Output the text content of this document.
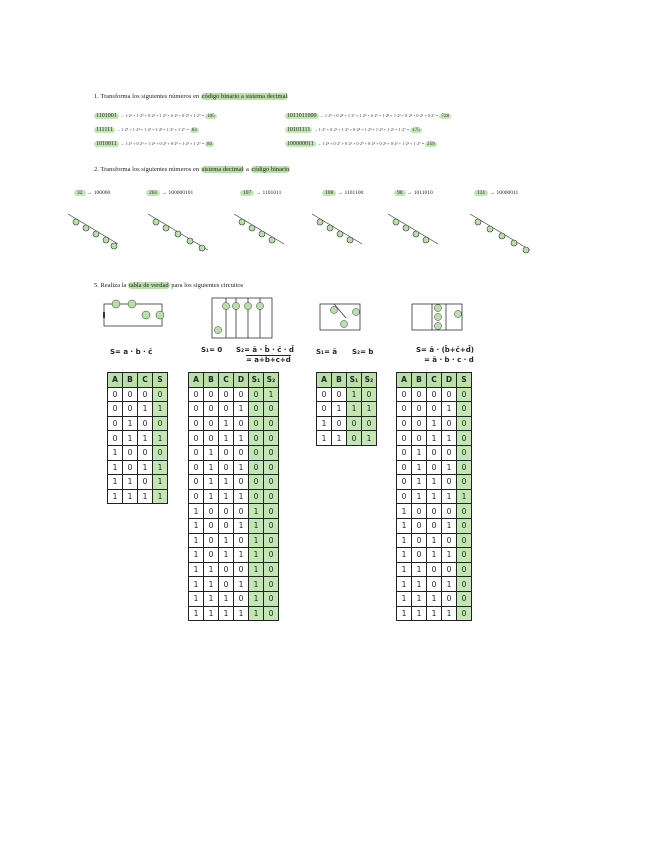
1. Transforma los siguientes números en código binario a sistema decimal
1101001 → 1·2⁶ + 1·2⁵ + 0·2⁴ + 1·2³ + 0·2² + 0·2¹ + 1·2⁰ = 105
111111 → 1·2⁵ + 1·2⁴ + 1·2³ + 1·2² + 1·2¹ + 1·2⁰ = 63
1010011 → 1·2⁶ + 0·2⁵ + 1·2⁴ + 0·2³ + 0·2² + 1·2¹ + 1·2⁰ = 83
1011011000 → 1·2⁹ + 0·2⁸ + 1·2⁷ + 1·2⁶ + 0·2⁵ + 1·2⁴ + 1·2³ + 0·2² + 0·2¹ + 0·2⁰ = 728
10101111 → 1·2⁷ + 0·2⁶ + 1·2⁵ + 0·2⁴ + 1·2³ + 1·2² + 1·2¹ + 1·2⁰ = 175
100000011 → 1·2⁸ + 0·2⁷ + 0·2⁶ + 0·2⁵ + 0·2⁴ + 0·2³ + 0·2² + 1·2¹ + 1·2⁰ = 259
2. Transforma los siguientes números en sistema decimal a código binario
32 → 100000	261 → 100000101	107 → 1101011	108 → 1101100	90 → 1011010	131 → 10000011
5. Realiza la tabla de verdad para los siguientes circuitos
S= a · b · c̄	S₁= 0 S₂= ā · b̄ · c̄ · d̄
= a+b+c+d
S₁= ā S₂= b	S= ā · (b̄+c̄+d̄)
= ā · b · c · d
A	B	C	S
0	0	0	0
0	0	1	1
0	1	0	0
0	1	1	1
1	0	0	0
1	0	1	1
1	1	0	1
1	1	1	1
A	B	C	D	S₁	S₂
0	0	0	0	0	1
0	0	0	1	0	0
0	0	1	0	0	0
0	0	1	1	0	0
0	1	0	0	0	0
0	1	0	1	0	0
0	1	1	0	0	0
0	1	1	1	0	0
1	0	0	0	1	0
1	0	0	1	1	0
1	0	1	0	1	0
1	0	1	1	1	0
1	1	0	0	1	0
1	1	0	1	1	0
1	1	1	0	1	0
1	1	1	1	1	0
A	B	S₁	S₂
0	0	1	0
0	1	1	1
1	0	0	0
1	1	0	1
A	B	C	D	S
0	0	0	0	0
0	0	0	1	0
0	0	1	0	0
0	0	1	1	0
0	1	0	0	0
0	1	0	1	0
0	1	1	0	0
0	1	1	1	1
1	0	0	0	0
1	0	0	1	0
1	0	1	0	0
1	0	1	1	0
1	1	0	0	0
1	1	0	1	0
1	1	1	0	0
1	1	1	1	0
